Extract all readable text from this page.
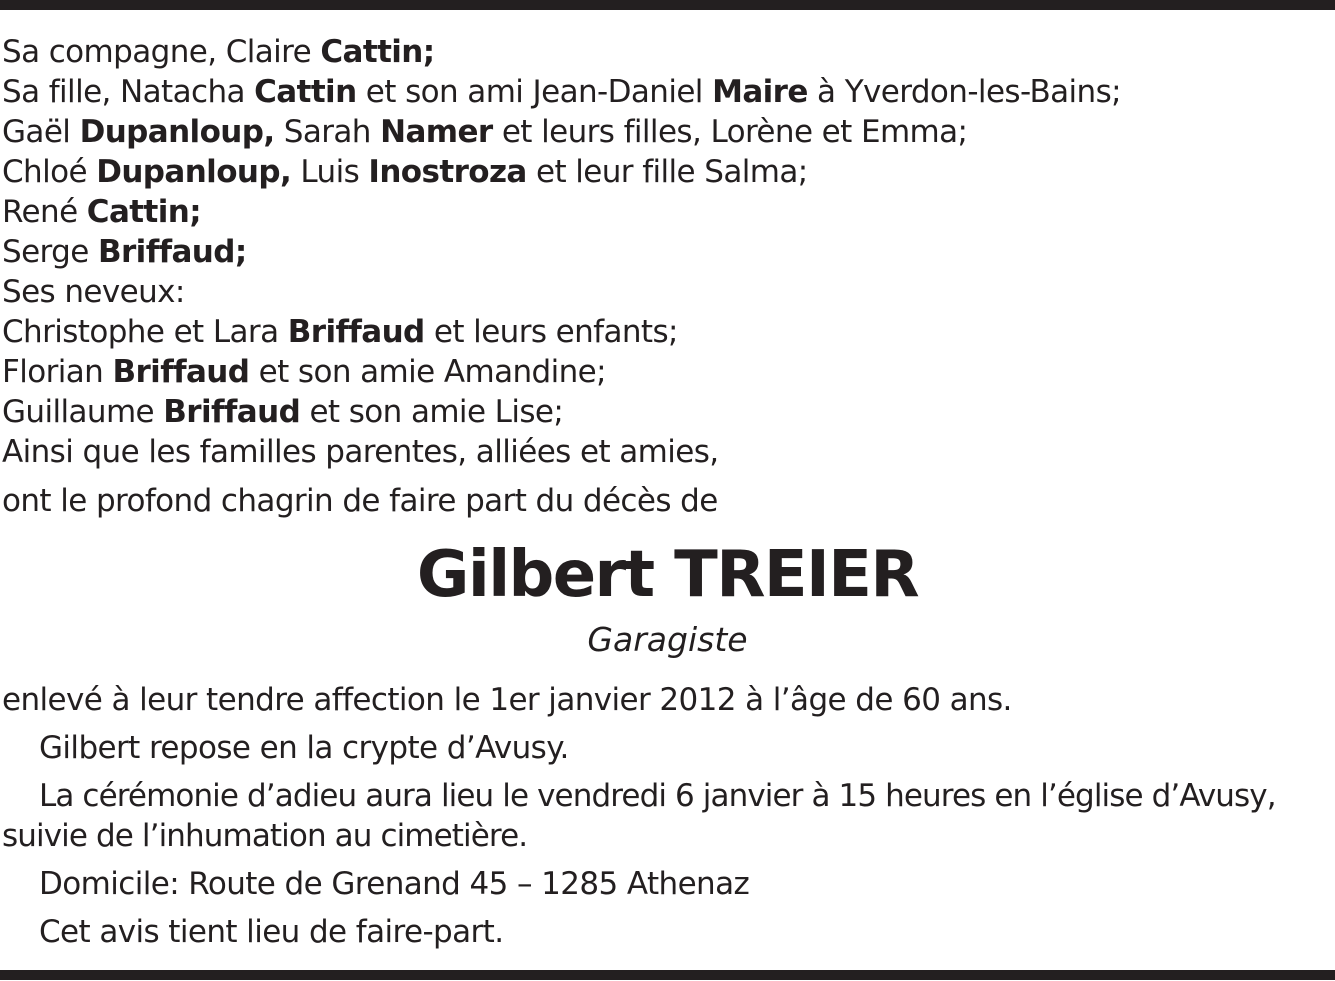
Sa compagne, Claire Cattin;
Sa fille, Natacha Cattin et son ami Jean-Daniel Maire à Yverdon-les-Bains;
Gaël Dupanloup, Sarah Namer et leurs filles, Lorène et Emma;
Chloé Dupanloup, Luis Inostroza et leur fille Salma;
René Cattin;
Serge Briffaud;
Ses neveux:
Christophe et Lara Briffaud et leurs enfants;
Florian Briffaud et son amie Amandine;
Guillaume Briffaud et son amie Lise;
Ainsi que les familles parentes, alliées et amies,
ont le profond chagrin de faire part du décès de
Gilbert TREIER
Garagiste

enlevé à leur tendre affection le 1er janvier 2012 à l’âge de 60 ans.

Gilbert repose en la crypte d’Avusy.

La cérémonie d’adieu aura lieu le vendredi 6 janvier à 15 heures en l’église d’Avusy, suivie de l’inhumation au cimetière.

Domicile: Route de Grenand 45 – 1285 Athenaz

Cet avis tient lieu de faire-part.
